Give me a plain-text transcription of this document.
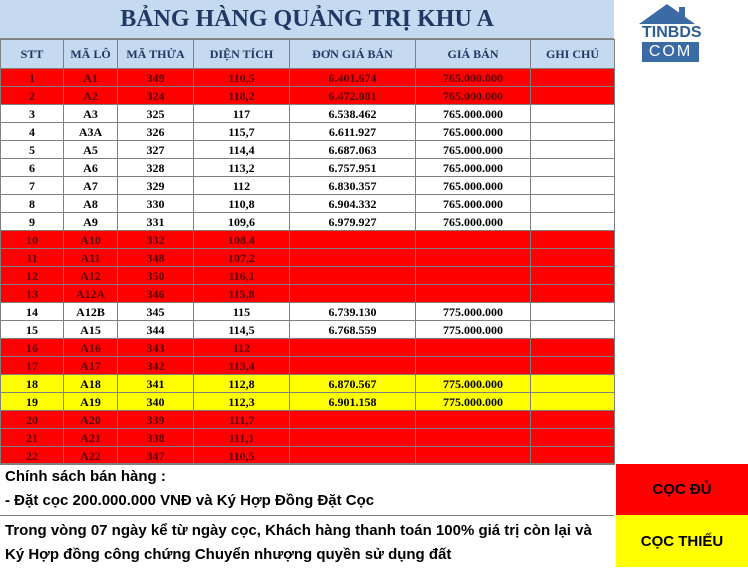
BẢNG HÀNG QUẢNG TRỊ KHU A
TINBDS
COM
STT	MÃ LÔ	MÃ THỬA	DIỆN TÍCH	ĐƠN GIÁ BÁN	GIÁ BÁN	GHI CHÚ
1	A1	349	110,5	6.401.674	765.000.000	
2	A2	324	118,2	6.472.081	765.000.000	
3	A3	325	117	6.538.462	765.000.000	
4	A3A	326	115,7	6.611.927	765.000.000	
5	A5	327	114,4	6.687.063	765.000.000	
6	A6	328	113,2	6.757.951	765.000.000	
7	A7	329	112	6.830.357	765.000.000	
8	A8	330	110,8	6.904.332	765.000.000	
9	A9	331	109,6	6.979.927	765.000.000	
10	A10	332	108,4			
11	A11	348	107,2			
12	A12	350	116,1			
13	A12A	346	115,8			
14	A12B	345	115	6.739.130	775.000.000	
15	A15	344	114,5	6.768.559	775.000.000	
16	A16	343	112			
17	A17	342	113,4			
18	A18	341	112,8	6.870.567	775.000.000	
19	A19	340	112,3	6.901.158	775.000.000	
20	A20	339	111,7			
21	A21	338	111,1			
22	A22	347	110,5			
Chính sách bán hàng :
- Đặt cọc 200.000.000 VNĐ và Ký Hợp Đồng Đặt Cọc
Trong vòng 07 ngày kể từ ngày cọc, Khách hàng thanh toán 100% giá trị còn lại và Ký Hợp đồng công chứng Chuyển nhượng quyền sử dụng đất
CỌC ĐỦ
CỌC THIẾU
